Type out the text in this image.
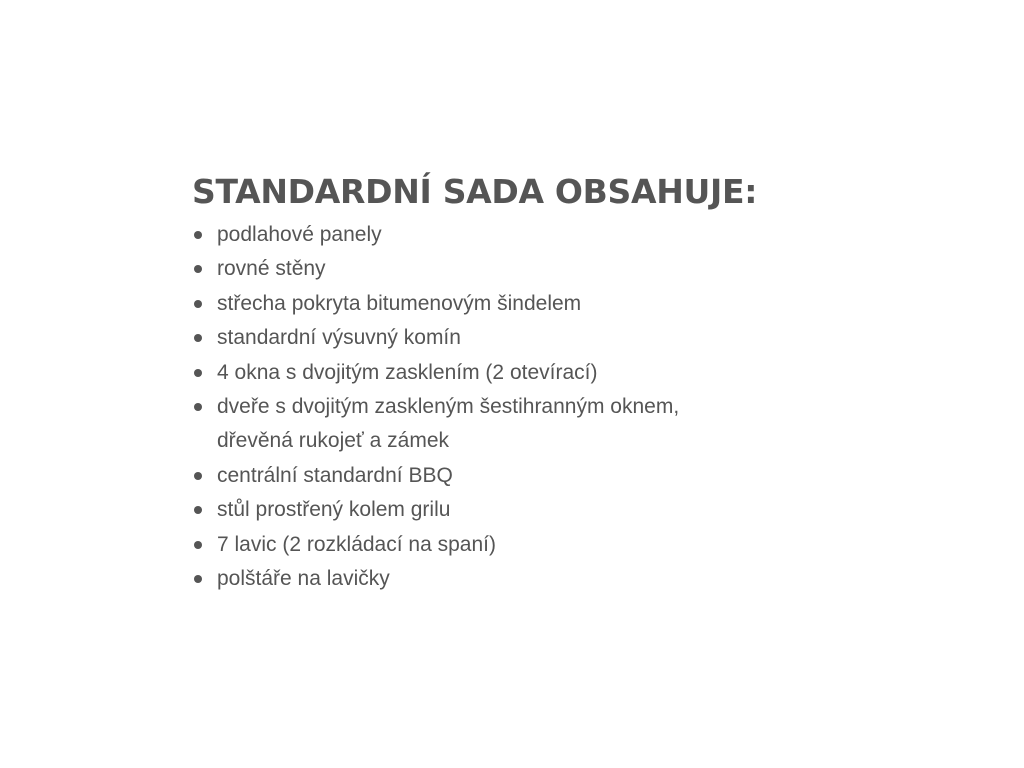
STANDARDNÍ SADA OBSAHUJE:
podlahové panely
rovné stěny
střecha pokryta bitumenovým šindelem
standardní výsuvný komín
4 okna s dvojitým zasklením (2 otevírací)
dveře s dvojitým zaskleným šestihranným oknem,
dřevěná rukojeť a zámek
centrální standardní BBQ
stůl prostřený kolem grilu
7 lavic (2 rozkládací na spaní)
polštáře na lavičky
